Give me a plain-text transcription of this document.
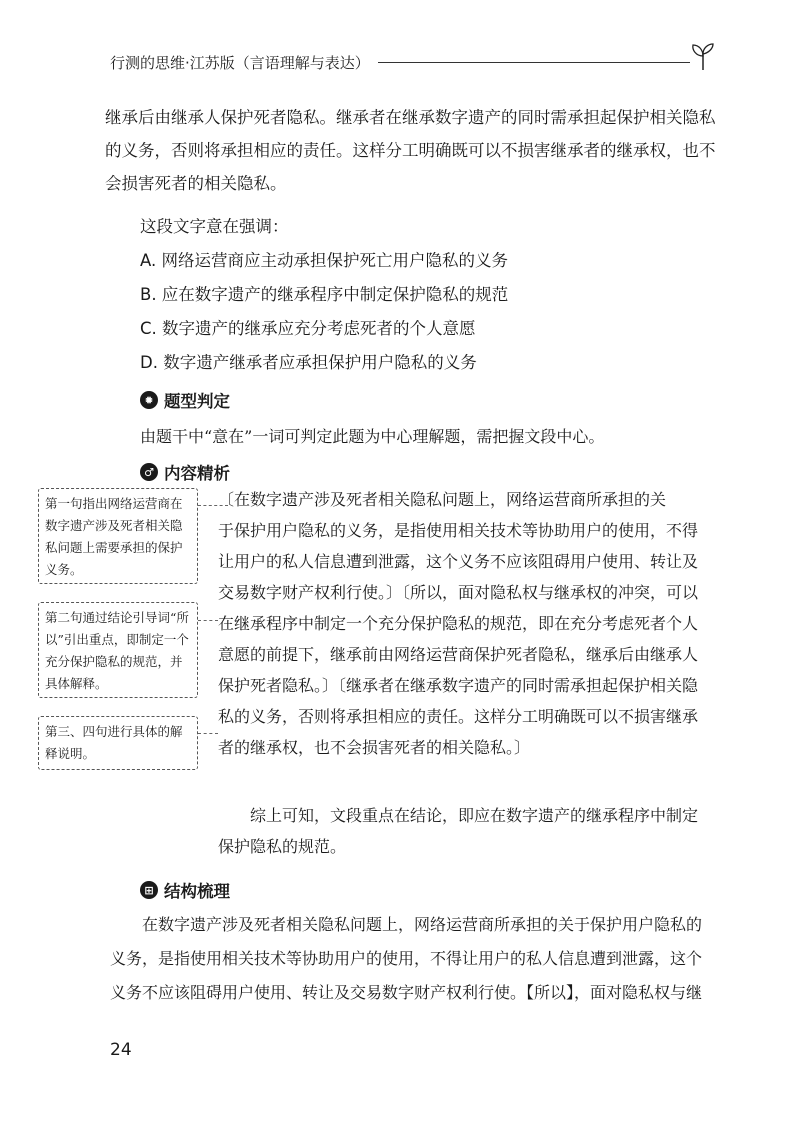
行测的思维·江苏版（言语理解与表达）
继承后由继承人保护死者隐私。继承者在继承数字遗产的同时需承担起保护相关隐私
的义务，否则将承担相应的责任。这样分工明确既可以不损害继承者的继承权，也不
会损害死者的相关隐私。
这段文字意在强调：
A. 网络运营商应主动承担保护死亡用户隐私的义务
B. 应在数字遗产的继承程序中制定保护隐私的规范
C. 数字遗产的继承应充分考虑死者的个人意愿
D. 数字遗产继承者应承担保护用户隐私的义务
✹ 题型判定
由题干中“意在”一词可判定此题为中心理解题，需把握文段中心。
♂ 内容精析
第一句指出网络运营商在数字遗产涉及死者相关隐私问题上需要承担的保护义务。
第二句通过结论引导词“所以”引出重点，即制定一个充分保护隐私的规范，并具体解释。
第三、四句进行具体的解释说明。
〔在数字遗产涉及死者相关隐私问题上，网络运营商所承担的关
于保护用户隐私的义务，是指使用相关技术等协助用户的使用，不得
让用户的私人信息遭到泄露，这个义务不应该阻碍用户使用、转让及
交易数字财产权利行使。〕〔所以，面对隐私权与继承权的冲突，可以
在继承程序中制定一个充分保护隐私的规范，即在充分考虑死者个人
意愿的前提下，继承前由网络运营商保护死者隐私，继承后由继承人
保护死者隐私。〕〔继承者在继承数字遗产的同时需承担起保护相关隐
私的义务，否则将承担相应的责任。这样分工明确既可以不损害继承
者的继承权，也不会损害死者的相关隐私。〕
综上可知，文段重点在结论，即应在数字遗产的继承程序中制定
保护隐私的规范。
⊞ 结构梳理
在数字遗产涉及死者相关隐私问题上，网络运营商所承担的关于保护用户隐私的
义务，是指使用相关技术等协助用户的使用，不得让用户的私人信息遭到泄露，这个
义务不应该阻碍用户使用、转让及交易数字财产权利行使。【所以】，面对隐私权与继
24
